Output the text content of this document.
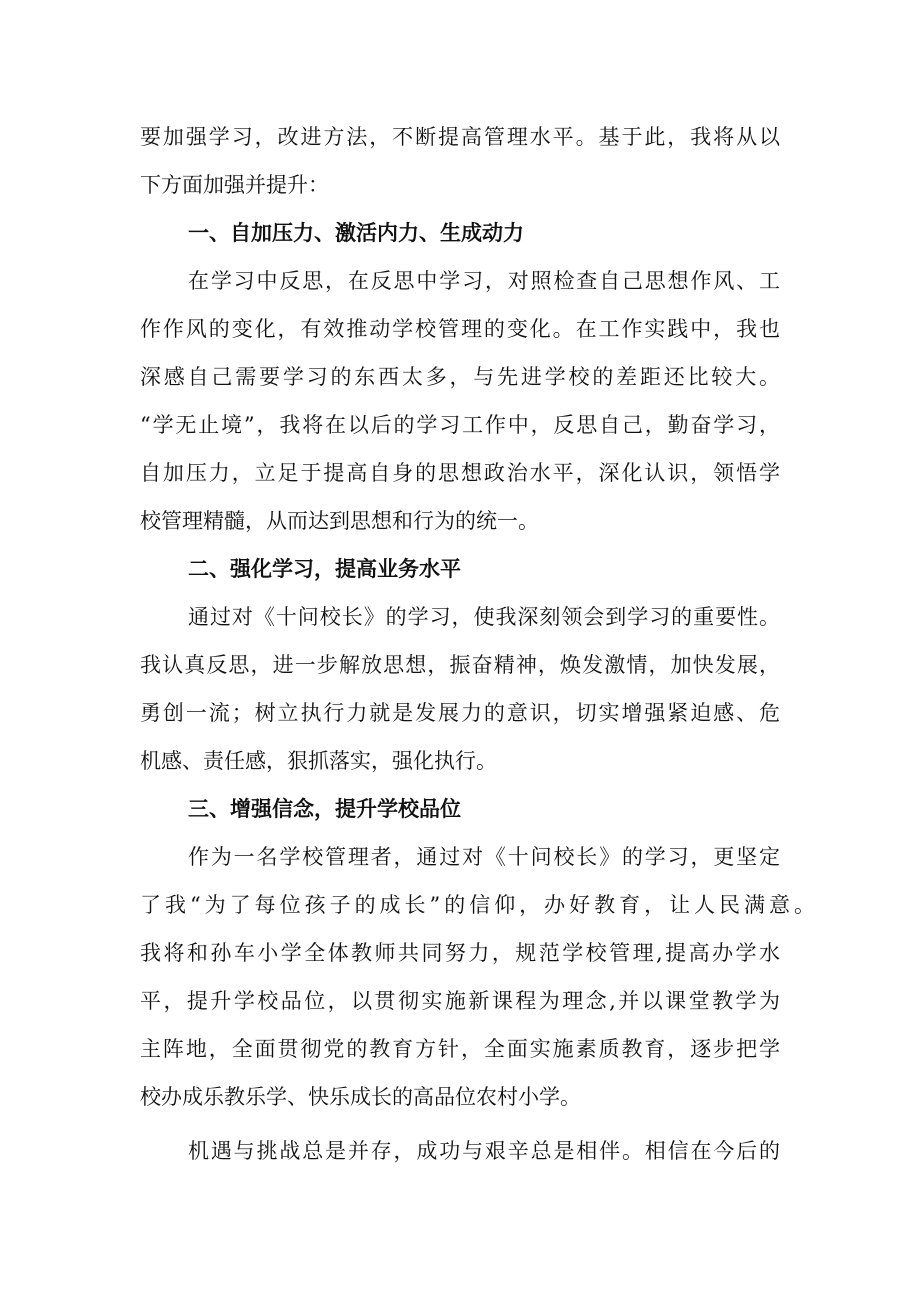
要加强学习，改进方法，不断提高管理水平。基于此，我将从以
下方面加强并提升：
一、自加压力、激活内力、生成动力
在学习中反思，在反思中学习，对照检查自己思想作风、工
作作风的变化，有效推动学校管理的变化。在工作实践中，我也
深感自己需要学习的东西太多，与先进学校的差距还比较大。
“学无止境”，我将在以后的学习工作中，反思自己，勤奋学习，
自加压力，立足于提高自身的思想政治水平，深化认识，领悟学
校管理精髓，从而达到思想和行为的统一。
二、强化学习，提高业务水平
通过对《十问校长》的学习，使我深刻领会到学习的重要性。
我认真反思，进一步解放思想，振奋精神，焕发激情，加快发展，
勇创一流；树立执行力就是发展力的意识，切实增强紧迫感、危
机感、责任感，狠抓落实，强化执行。
三、增强信念，提升学校品位
作为一名学校管理者，通过对《十问校长》的学习，更坚定
了我“为了每位孩子的成长”的信仰，办好教育，让人民满意。
我将和孙车小学全体教师共同努力，规范学校管理,提高办学水
平，提升学校品位，以贯彻实施新课程为理念,并以课堂教学为
主阵地，全面贯彻党的教育方针，全面实施素质教育，逐步把学
校办成乐教乐学、快乐成长的高品位农村小学。
机遇与挑战总是并存，成功与艰辛总是相伴。相信在今后的
